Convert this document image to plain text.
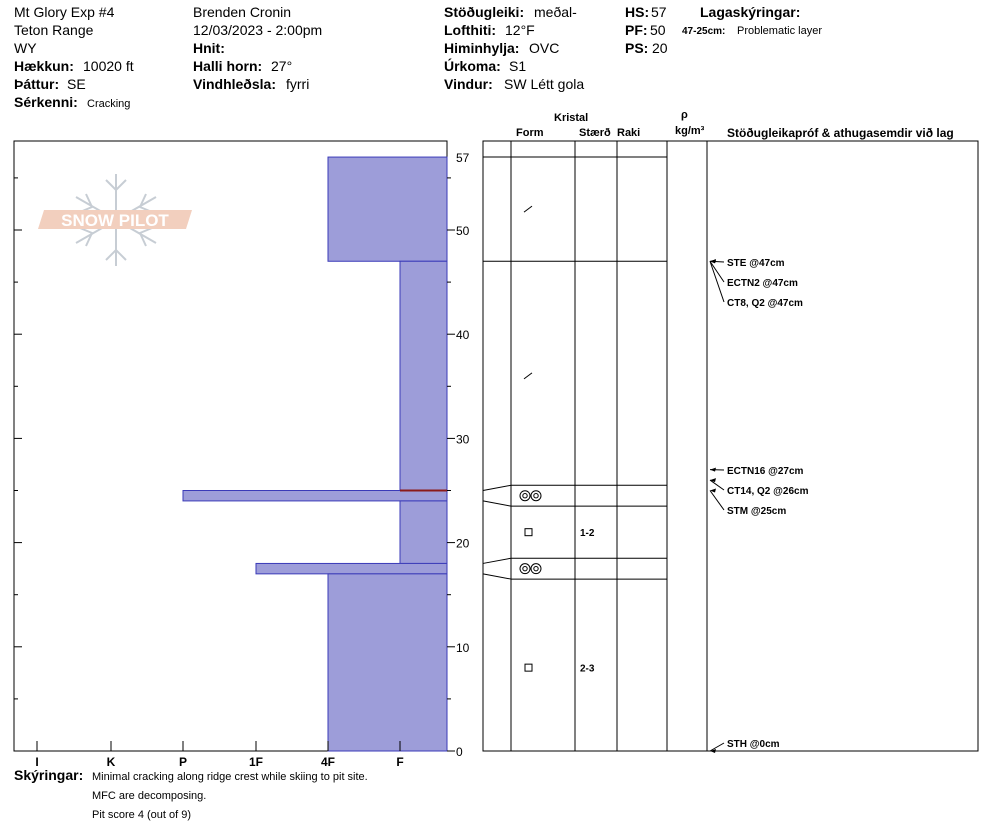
Mt Glory Exp #4
Teton Range
WY
Hækkun: 10020 ft
Þáttur: SE
Sérkenni: Cracking
Brenden Cronin
12/03/2023 - 2:00pm
Hnit:
Halli horn: 27°
Vindhleðsla: fyrri
Stöðugleiki: meðal-
Lofthiti: 12°F
Himinhylja: OVC
Úrkoma: S1
Vindur: SW Létt gola
HS: 57
PF: 50
PS: 20
Lagaskýringar:
47-25cm: Problematic layer
Kristal
Form	Stærð Raki
ρ
kg/m³ Stöðugleikapróf & athugasemdir við lag
SNOW PILOT
0
10
20
30
40
50
57
I	K	P	1F	4F	F
1-2
2-3
STE @47cm
ECTN2 @47cm
CT8, Q2 @47cm
ECTN16 @27cm
CT14, Q2 @26cm
STM @25cm
STH @0cm
Skýringar: Minimal cracking along ridge crest while skiing to pit site.
MFC are decomposing.
Pit score 4 (out of 9)
